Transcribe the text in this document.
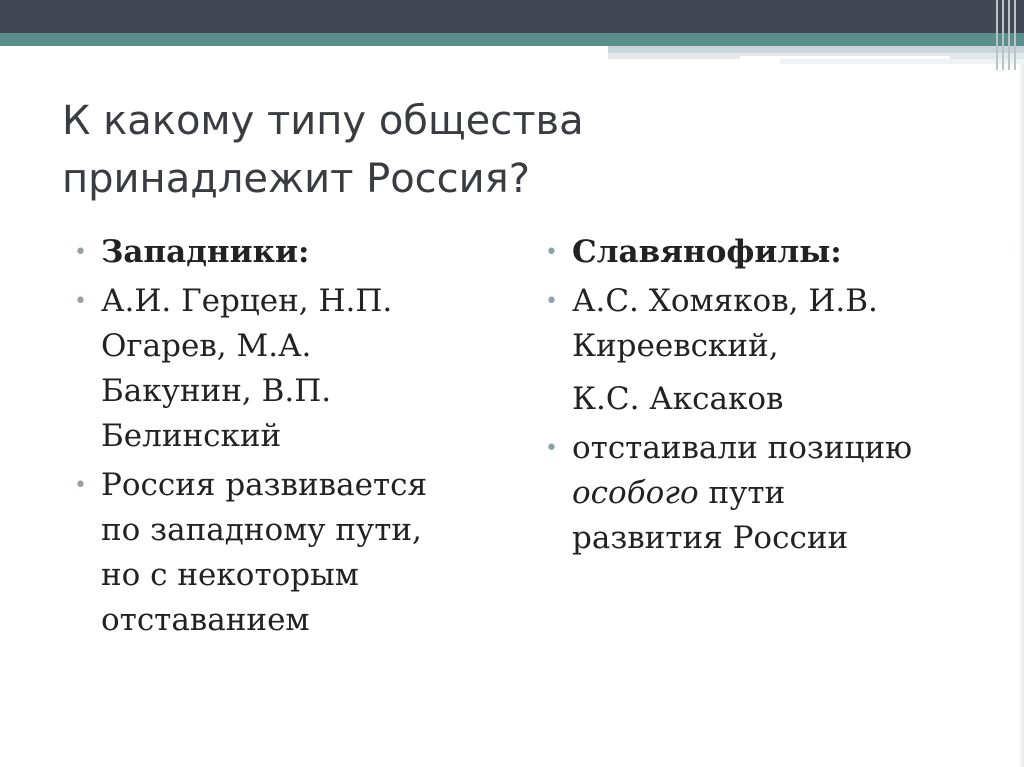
К какому типу общества
принадлежит Россия?
• Западники:
• А.И. Герцен, Н.П.
Огарев, М.А.
Бакунин, В.П.
Белинский
• Россия развивается
по западному пути,
но с некоторым
отставанием
• Славянофилы:
• А.С. Хомяков, И.В.
Киреевский,
К.С. Аксаков
• отстаивали позицию
особого пути
развития России
